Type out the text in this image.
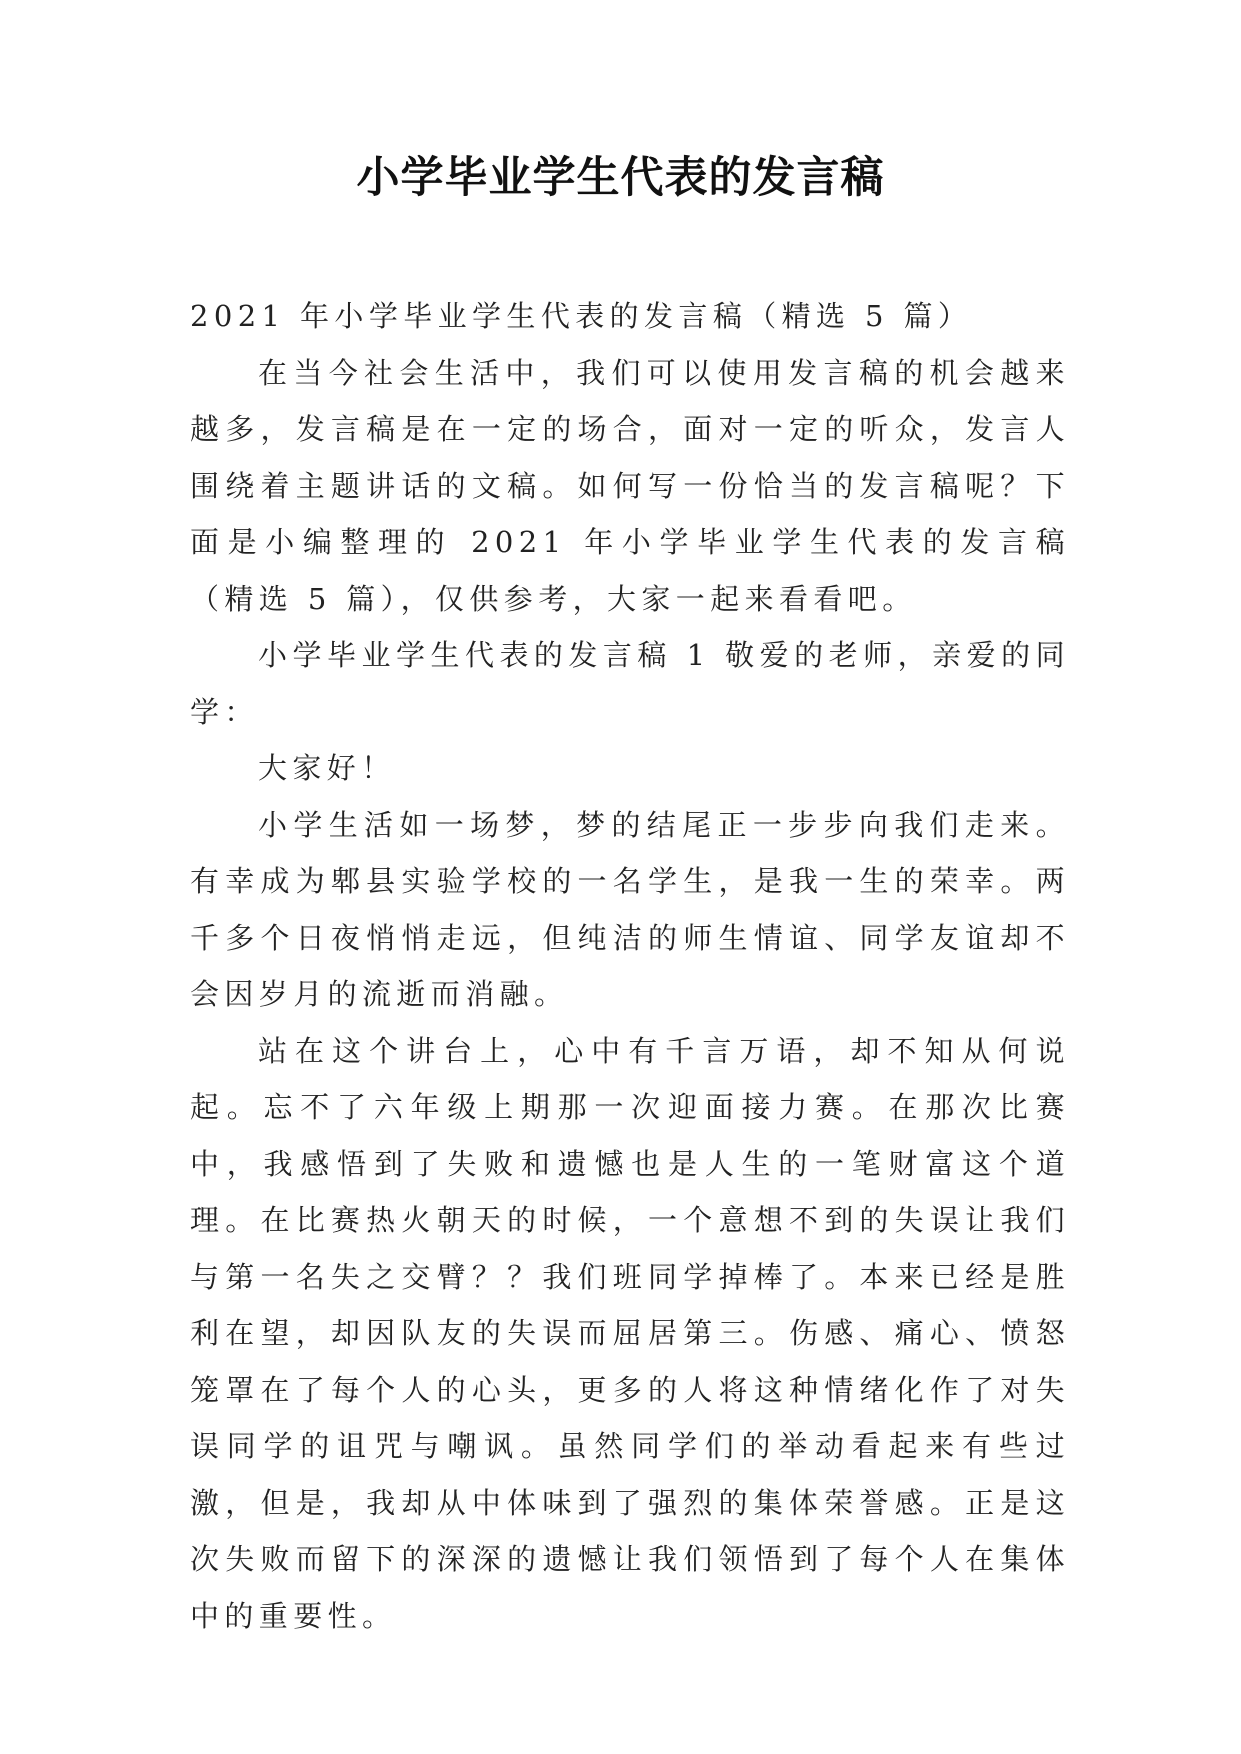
小学毕业学生代表的发言稿

2021 年小学毕业学生代表的发言稿（精选 5 篇）

在当今社会生活中，我们可以使用发言稿的机会越来越多，发言稿是在一定的场合，面对一定的听众，发言人围绕着主题讲话的文稿。如何写一份恰当的发言稿呢？下面是小编整理的 2021 年小学毕业学生代表的发言稿（精选 5 篇），仅供参考，大家一起来看看吧。

小学毕业学生代表的发言稿 1 敬爱的老师，亲爱的同学：

大家好！

小学生活如一场梦，梦的结尾正一步步向我们走来。有幸成为郫县实验学校的一名学生，是我一生的荣幸。两千多个日夜悄悄走远，但纯洁的师生情谊、同学友谊却不会因岁月的流逝而消融。

站在这个讲台上，心中有千言万语，却不知从何说起。忘不了六年级上期那一次迎面接力赛。在那次比赛中，我感悟到了失败和遗憾也是人生的一笔财富这个道理。在比赛热火朝天的时候，一个意想不到的失误让我们与第一名失之交臂？？我们班同学掉棒了。本来已经是胜利在望，却因队友的失误而屈居第三。伤感、痛心、愤怒笼罩在了每个人的心头，更多的人将这种情绪化作了对失误同学的诅咒与嘲讽。虽然同学们的举动看起来有些过激，但是，我却从中体味到了强烈的集体荣誉感。正是这次失败而留下的深深的遗憾让我们领悟到了每个人在集体中的重要性。
